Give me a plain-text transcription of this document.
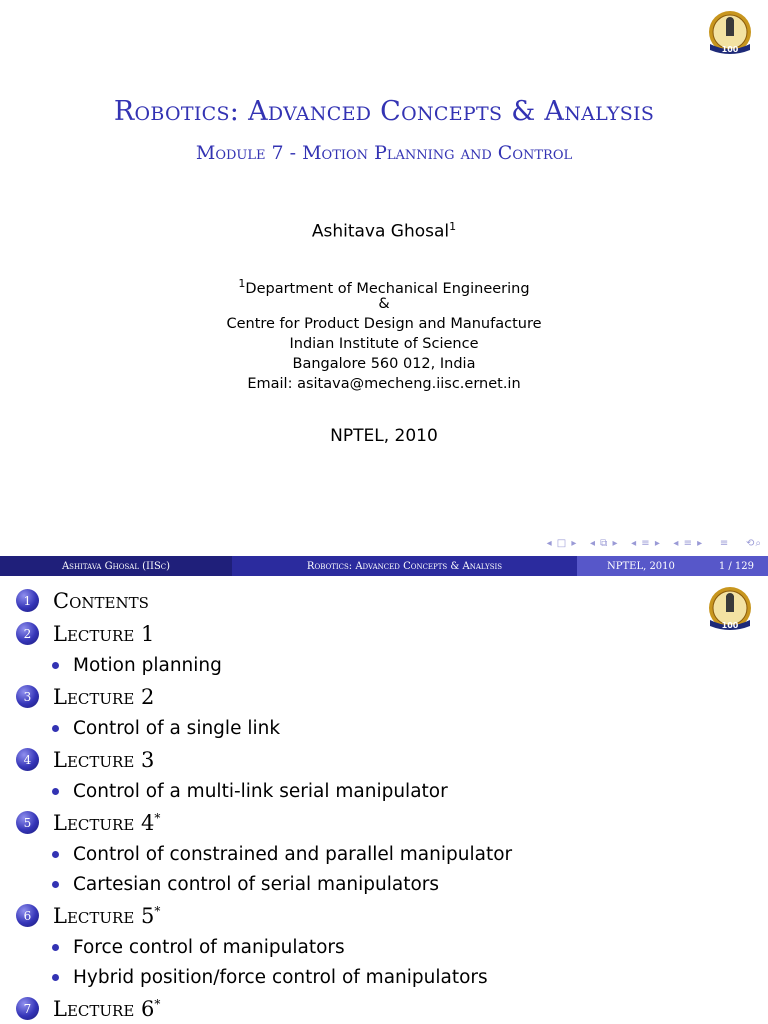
100
Robotics: Advanced Concepts & Analysis
Module 7 - Motion Planning and Control
Ashitava Ghosal$^1$
$^1$Department of Mechanical Engineering
&
Centre for Product Design and Manufacture
Indian Institute of Science
Bangalore 560 012, India
Email: asitava@mecheng.iisc.ernet.in
NPTEL, 2010
◂ □ ▸ ◂ ⧉ ▸ ◂ ≡ ▸ ◂ ≡ ▸ ≡ ⟲⌕
Ashitava Ghosal (IISc)	Robotics: Advanced Concepts & Analysis	NPTEL, 2010	1 / 129
100
1	Contents
2	Lecture 1
Motion planning
3	Lecture 2
Control of a single link
4	Lecture 3
Control of a multi-link serial manipulator
5	Lecture 4*
Control of constrained and parallel manipulator
Cartesian control of serial manipulators
6	Lecture 5*
Force control of manipulators
Hybrid position/force control of manipulators
7	Lecture 6*
